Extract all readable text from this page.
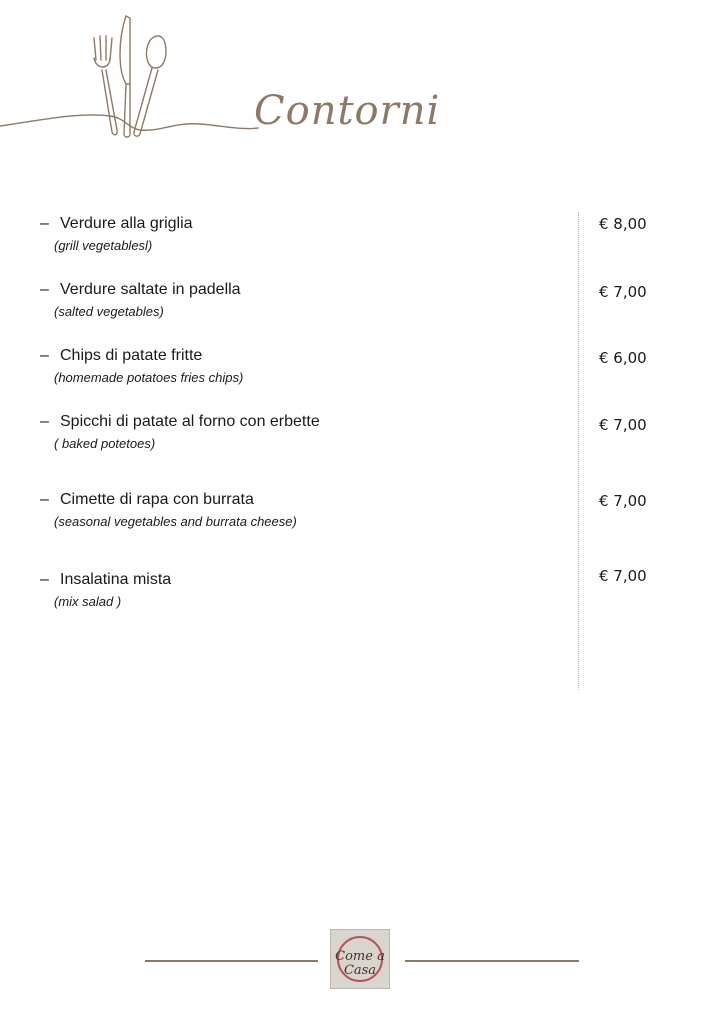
Contorni
– Verdure alla griglia
(grill vegetablesl)
€ 8,00
– Verdure saltate in padella
(salted vegetables)
€ 7,00
– Chips di patate fritte
(homemade potatoes fries chips)
€ 6,00
– Spicchi di patate al forno con erbette
( baked potetoes)
€ 7,00
– Cimette di rapa con burrata
(seasonal vegetables and burrata cheese)
€ 7,00
– Insalatina mista
(mix salad )
€ 7,00
Come a
Casa
